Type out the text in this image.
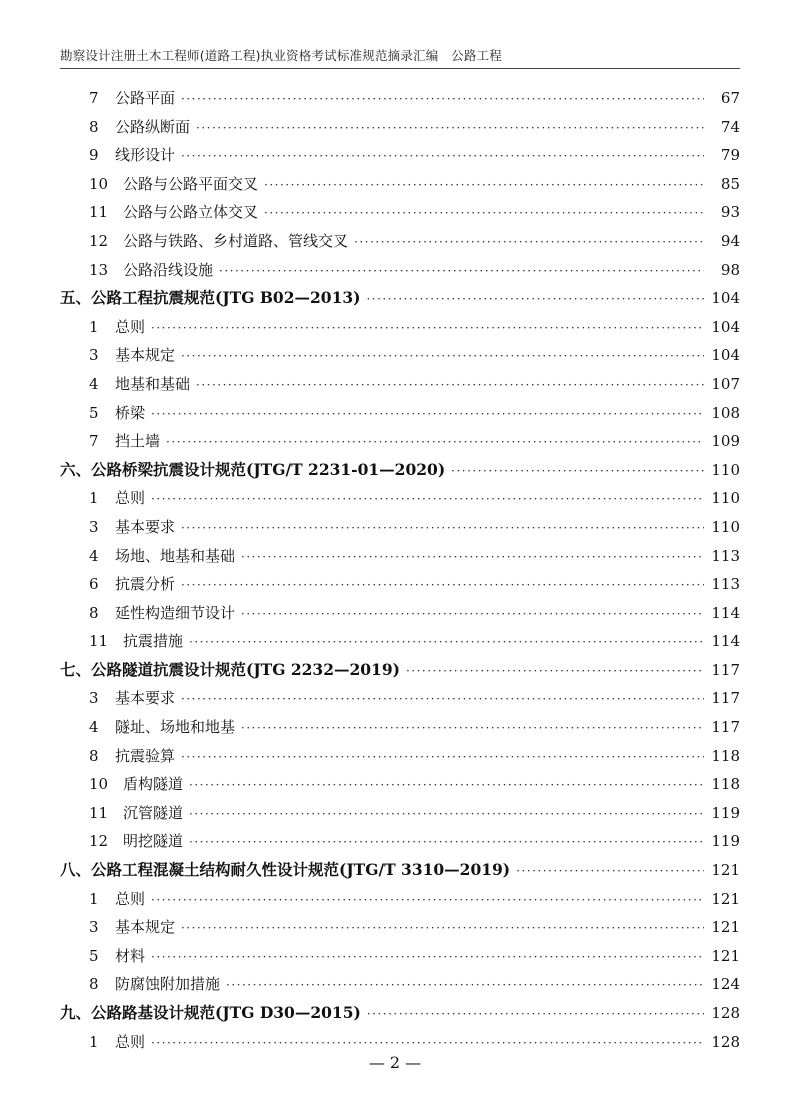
勘察设计注册土木工程师(道路工程)执业资格考试标准规范摘录汇编　公路工程
7	公路平面 ·····	67
8	公路纵断面 ·····	74
9	线形设计 ·····	79
10 公路与公路平面交叉 ·····	85
11 公路与公路立体交叉 ·····	93
12 公路与铁路、乡村道路、管线交叉 ·····	94
13 公路沿线设施 ·····	98
五、公路工程抗震规范(JTG B02—2013) ·····	104
1	总则 ·····	104
3	基本规定 ·····	104
4	地基和基础 ·····	107
5	桥梁 ·····	108
7	挡土墙 ·····	109
六、公路桥梁抗震设计规范(JTG/T 2231-01—2020) ·····	110
1	总则 ·····	110
3	基本要求 ·····	110
4	场地、地基和基础 ·····	113
6	抗震分析 ·····	113
8	延性构造细节设计 ·····	114
11 抗震措施 ·····	114
七、公路隧道抗震设计规范(JTG 2232—2019) ·····	117
3	基本要求 ·····	117
4	隧址、场地和地基 ·····	117
8	抗震验算 ·····	118
10 盾构隧道 ·····	118
11 沉管隧道 ·····	119
12 明挖隧道 ·····	119
八、公路工程混凝土结构耐久性设计规范(JTG/T 3310—2019) ·····	121
1	总则 ·····	121
3	基本规定 ·····	121
5	材料 ·····	121
8	防腐蚀附加措施 ·····	124
九、公路路基设计规范(JTG D30—2015) ·····	128
1	总则 ·····	128
— 2 —
